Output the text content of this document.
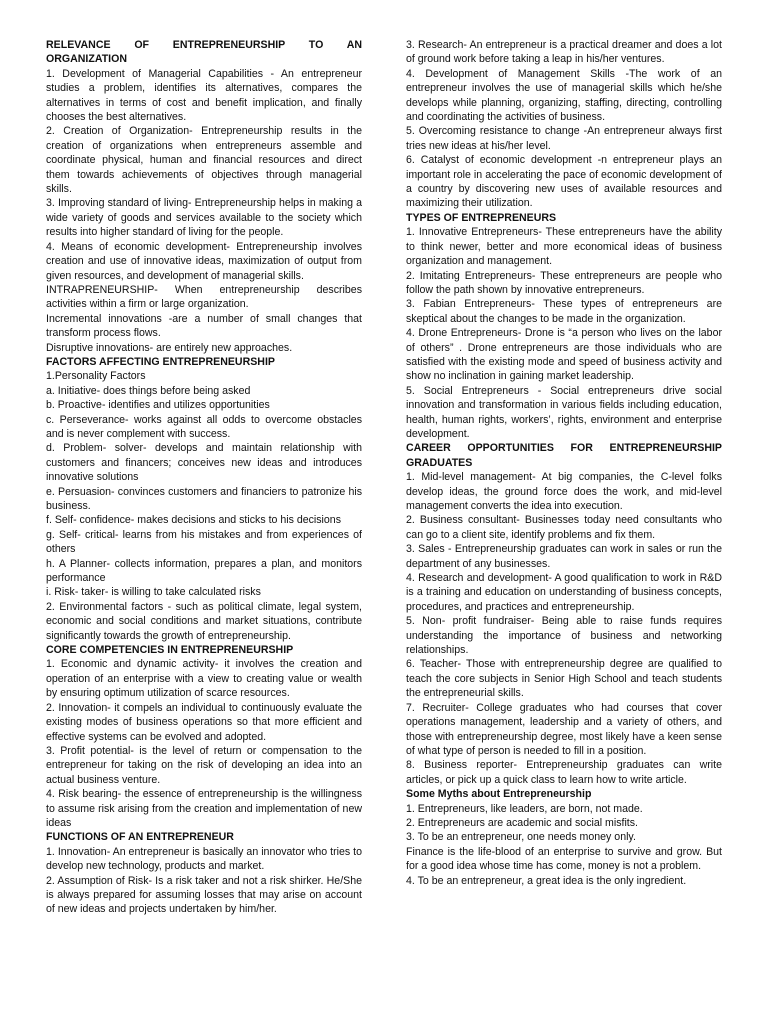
RELEVANCE OF ENTREPRENEURSHIP TO AN ORGANIZATION

1. Development of Managerial Capabilities - An entrepreneur studies a problem, identifies its alternatives, compares the alternatives in terms of cost and benefit implication, and finally chooses the best alternatives.

2. Creation of Organization- Entrepreneurship results in the creation of organizations when entrepreneurs assemble and coordinate physical, human and financial resources and direct them towards achievements of objectives through managerial skills.

3. Improving standard of living- Entrepreneurship helps in making a wide variety of goods and services available to the society which results into higher standard of living for the people.

4. Means of economic development- Entrepreneurship involves creation and use of innovative ideas, maximization of output from given resources, and development of managerial skills.

INTRAPRENEURSHIP- When entrepreneurship describes activities within a firm or large organization.

Incremental innovations -are a number of small changes that transform process flows.

Disruptive innovations- are entirely new approaches.

FACTORS AFFECTING ENTREPRENEURSHIP

1.Personality Factors

a. Initiative- does things before being asked

b. Proactive- identifies and utilizes opportunities

c. Perseverance- works against all odds to overcome obstacles and is never complement with success.

d. Problem- solver- develops and maintain relationship with customers and financers; conceives new ideas and introduces innovative solutions

e. Persuasion- convinces customers and financiers to patronize his business.

f. Self- confidence- makes decisions and sticks to his decisions

g. Self- critical- learns from his mistakes and from experiences of others

h. A Planner- collects information, prepares a plan, and monitors performance

i. Risk- taker- is willing to take calculated risks

2. Environmental factors - such as political climate, legal system, economic and social conditions and market situations, contribute significantly towards the growth of entrepreneurship.

CORE COMPETENCIES IN ENTREPRENEURSHIP

1. Economic and dynamic activity- it involves the creation and operation of an enterprise with a view to creating value or wealth by ensuring optimum utilization of scarce resources.

2. Innovation- it compels an individual to continuously evaluate the existing modes of business operations so that more efficient and effective systems can be evolved and adopted.

3. Profit potential- is the level of return or compensation to the entrepreneur for taking on the risk of developing an idea into an actual business venture.

4. Risk bearing- the essence of entrepreneurship is the willingness to assume risk arising from the creation and implementation of new ideas

FUNCTIONS OF AN ENTREPRENEUR

1. Innovation- An entrepreneur is basically an innovator who tries to develop new technology, products and market.

2. Assumption of Risk- Is a risk taker and not a risk shirker. He/She is always prepared for assuming losses that may arise on account of new ideas and projects undertaken by him/her.

3. Research- An entrepreneur is a practical dreamer and does a lot of ground work before taking a leap in his/her ventures.

4. Development of Management Skills -The work of an entrepreneur involves the use of managerial skills which he/she develops while planning, organizing, staffing, directing, controlling and coordinating the activities of business.

5. Overcoming resistance to change -An entrepreneur always first tries new ideas at his/her level.

6. Catalyst of economic development -n entrepreneur plays an important role in accelerating the pace of economic development of a country by discovering new uses of available resources and maximizing their utilization.

TYPES OF ENTREPRENEURS

1. Innovative Entrepreneurs- These entrepreneurs have the ability to think newer, better and more economical ideas of business organization and management.

2. Imitating Entrepreneurs- These entrepreneurs are people who follow the path shown by innovative entrepreneurs.

3. Fabian Entrepreneurs- These types of entrepreneurs are skeptical about the changes to be made in the organization.

4. Drone Entrepreneurs- Drone is “a person who lives on the labor of others” . Drone entrepreneurs are those individuals who are satisfied with the existing mode and speed of business activity and show no inclination in gaining market leadership.

5. Social Entrepreneurs - Social entrepreneurs drive social innovation and transformation in various fields including education, health, human rights, workers’, rights, environment and enterprise development.

CAREER OPPORTUNITIES FOR ENTREPRENEURSHIP GRADUATES

1. Mid-level management- At big companies, the C-level folks develop ideas, the ground force does the work, and mid-level management converts the idea into execution.

2. Business consultant- Businesses today need consultants who can go to a client site, identify problems and fix them.

3. Sales - Entrepreneurship graduates can work in sales or run the department of any businesses.

4. Research and development- A good qualification to work in R&D is a training and education on understanding of business concepts, procedures, and practices and entrepreneurship.

5. Non- profit fundraiser- Being able to raise funds requires understanding the importance of business and networking relationships.

6. Teacher- Those with entrepreneurship degree are qualified to teach the core subjects in Senior High School and teach students the entrepreneurial skills.

7. Recruiter- College graduates who had courses that cover operations management, leadership and a variety of others, and those with entrepreneurship degree, most likely have a keen sense of what type of person is needed to fill in a position.

8. Business reporter- Entrepreneurship graduates can write articles, or pick up a quick class to learn how to write article.

Some Myths about Entrepreneurship

1. Entrepreneurs, like leaders, are born, not made.

2. Entrepreneurs are academic and social misfits.

3. To be an entrepreneur, one needs money only.

Finance is the life-blood of an enterprise to survive and grow. But for a good idea whose time has come, money is not a problem.

4. To be an entrepreneur, a great idea is the only ingredient.
